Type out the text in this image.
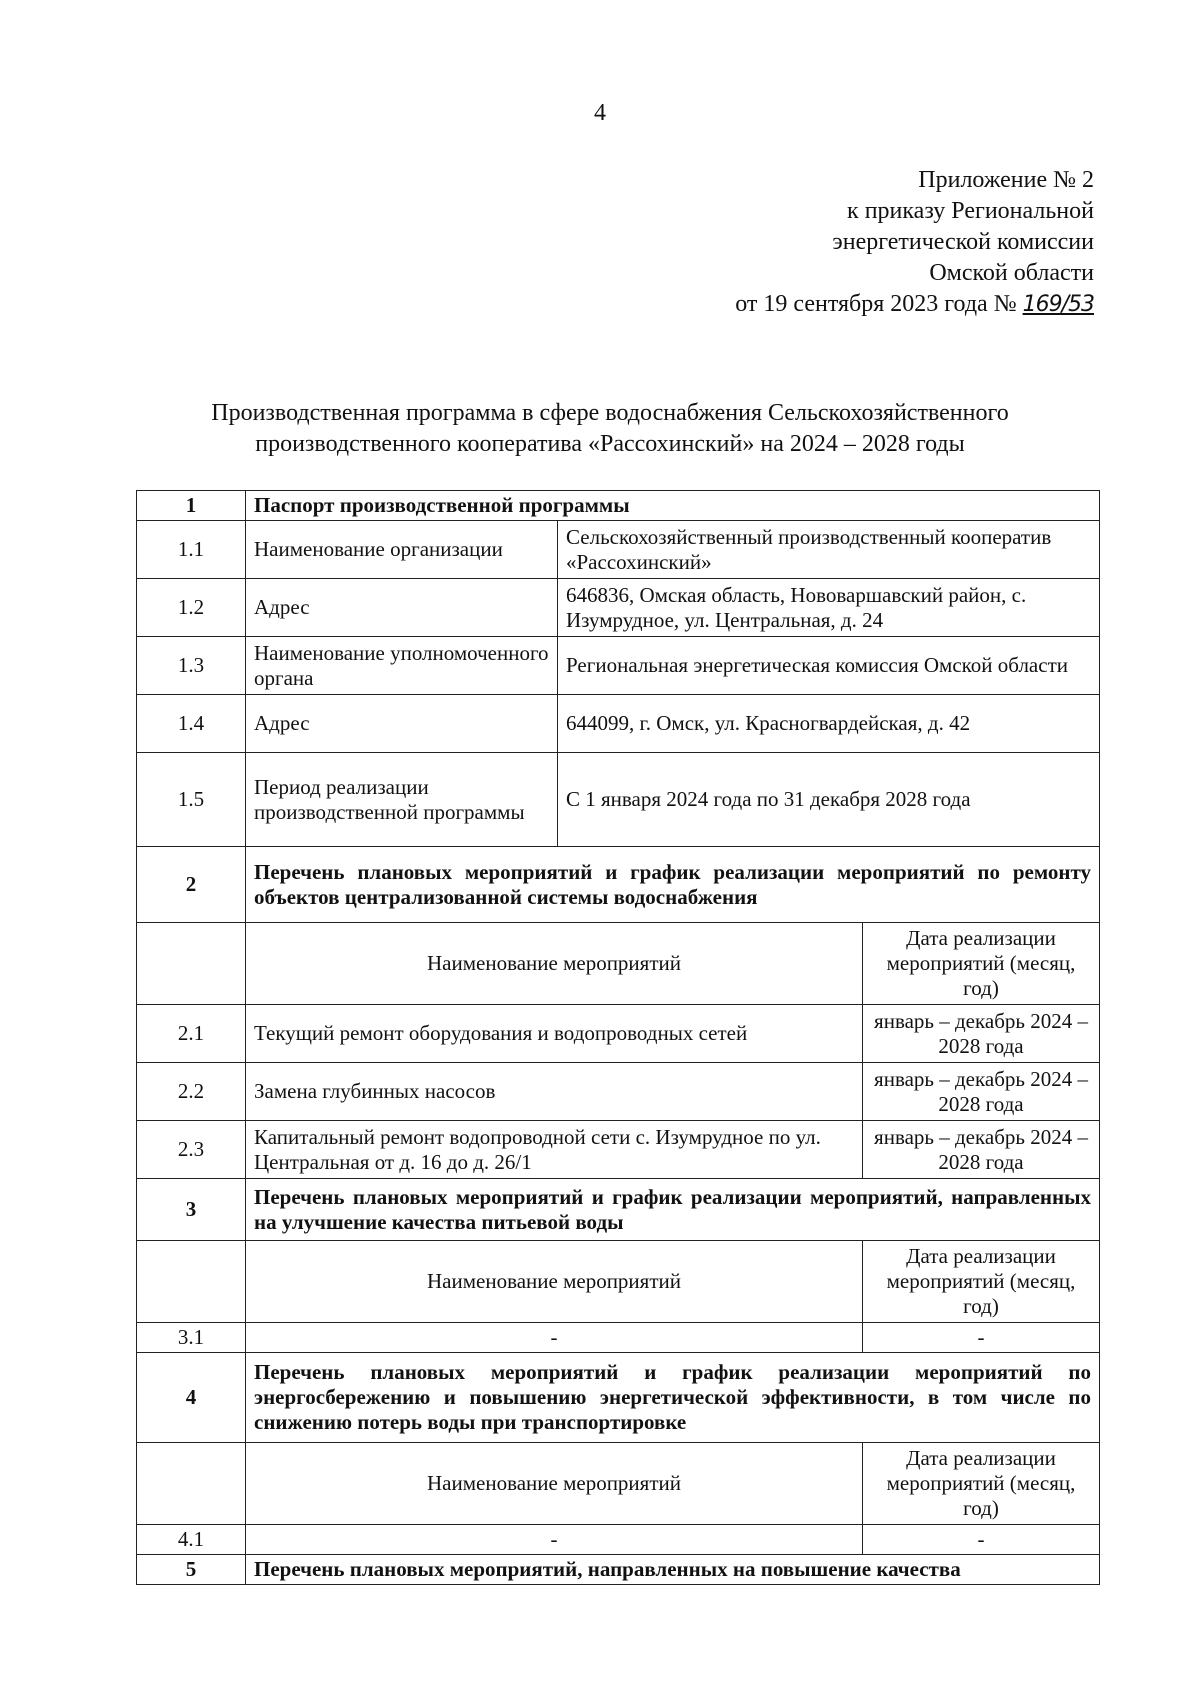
4
Приложение № 2
к приказу Региональной
энергетической комиссии
Омской области
от 19 сентября 2023 года № 169/53
Производственная программа в сфере водоснабжения Сельскохозяйственного
производственного кооператива «Рассохинский» на 2024 – 2028 годы
1	Паспорт производственной программы		
1.1	Наименование организации	Сельскохозяйственный производственный кооператив «Рассохинский»	
1.2	Адрес	646836, Омская область, Нововаршавский район, с. Изумрудное, ул. Центральная, д. 24	
1.3	Наименование уполномоченного органа	Региональная энергетическая комиссия Омской области	
1.4	Адрес	644099, г. Омск, ул. Красногвардейская, д. 42	
1.5	Период реализации производственной программы	С 1 января 2024 года по 31 декабря 2028 года	
2	Перечень плановых мероприятий и график реализации мероприятий по ремонту объектов централизованной системы водоснабжения		
	Наименование мероприятий		Дата реализации мероприятий (месяц, год)
2.1	Текущий ремонт оборудования и водопроводных сетей		январь – декабрь 2024 – 2028 года
2.2	Замена глубинных насосов		январь – декабрь 2024 – 2028 года
2.3	Капитальный ремонт водопроводной сети с. Изумрудное по ул. Центральная от д. 16 до д. 26/1		январь – декабрь 2024 – 2028 года
3	Перечень плановых мероприятий и график реализации мероприятий, направленных на улучшение качества питьевой воды		
	Наименование мероприятий		Дата реализации мероприятий (месяц, год)
3.1	-		-
4	Перечень плановых мероприятий и график реализации мероприятий по энергосбережению и повышению энергетической эффективности, в том числе по снижению потерь воды при транспортировке		
	Наименование мероприятий		Дата реализации мероприятий (месяц, год)
4.1	-		-
5	Перечень плановых мероприятий, направленных на повышение качества		
